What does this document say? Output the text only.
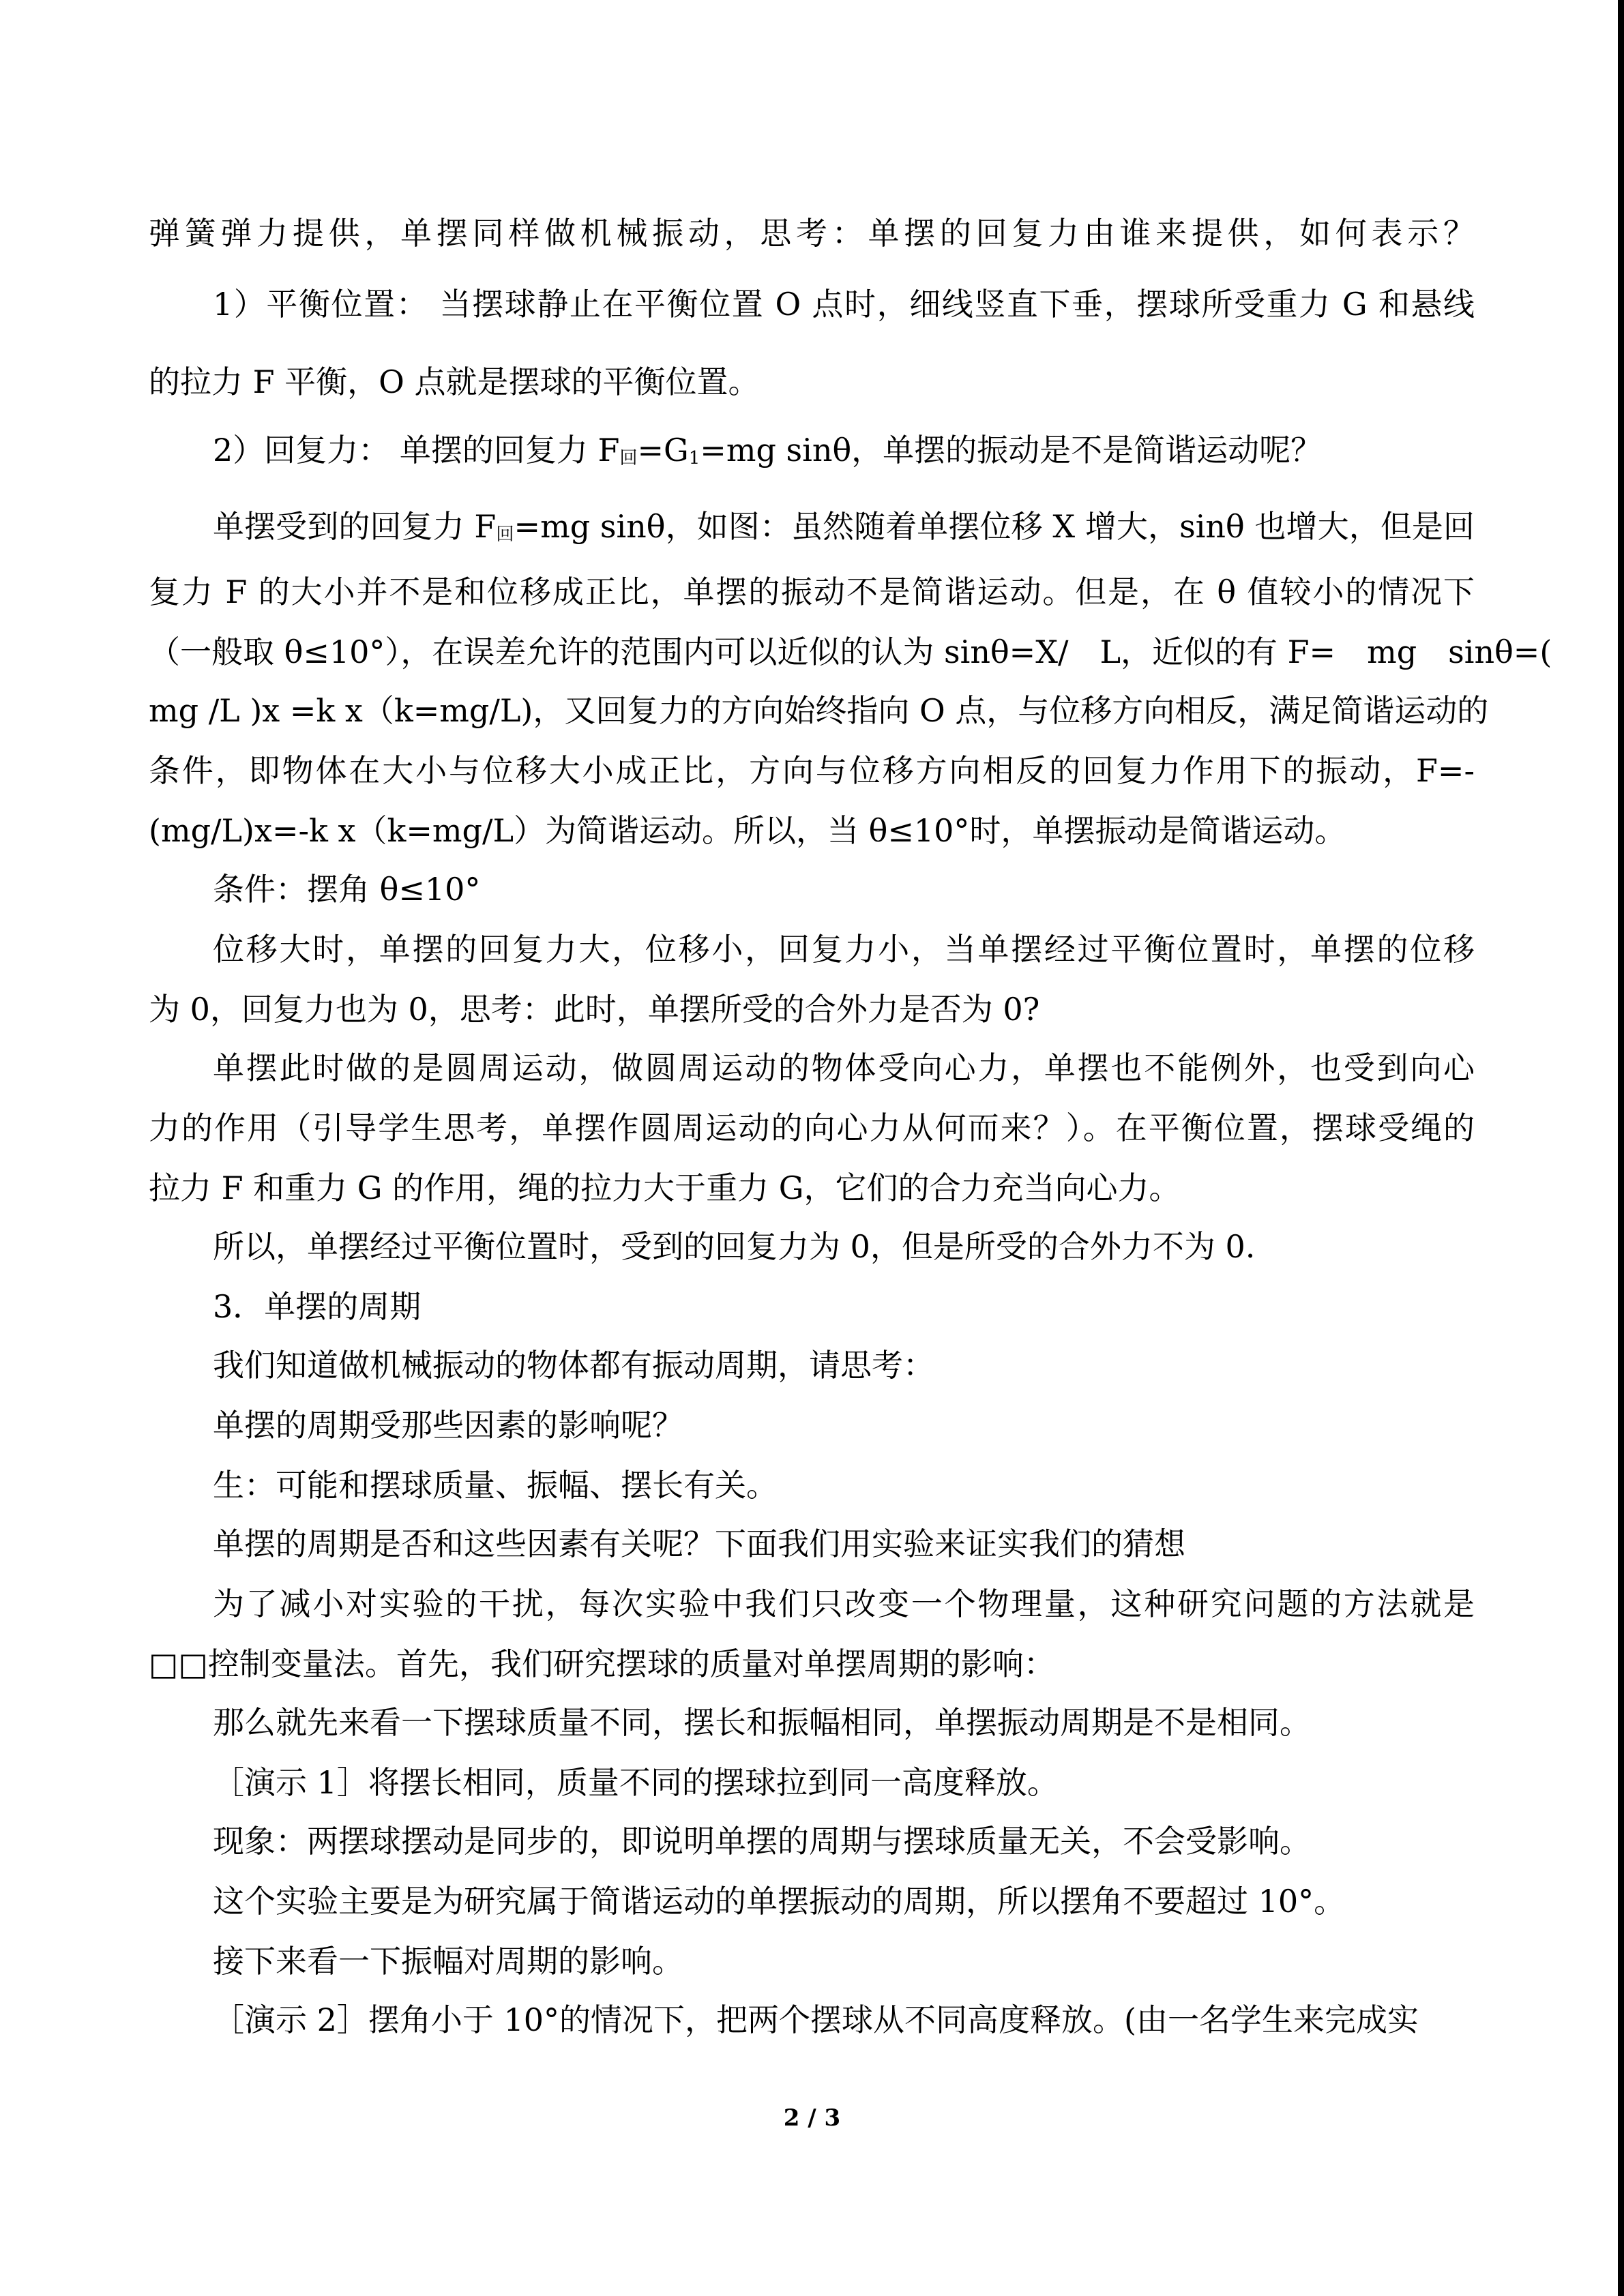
弹簧弹力提供，单摆同样做机械振动，思考：单摆的回复力由谁来提供，如何表示？
1）平衡位置： 当摆球静止在平衡位置 O 点时，细线竖直下垂，摆球所受重力 G 和悬线
的拉力 F 平衡，O 点就是摆球的平衡位置。
2）回复力： 单摆的回复力 F回=G1=mg sinθ，单摆的振动是不是简谐运动呢？
单摆受到的回复力 F回=mg sinθ，如图：虽然随着单摆位移 X 增大，sinθ 也增大，但是回
复力 F 的大小并不是和位移成正比，单摆的振动不是简谐运动。但是，在 θ 值较小的情况下
（一般取 θ≤10°），在误差允许的范围内可以近似的认为 sinθ=X/　L，近似的有 F=　mg　sinθ=(
mg /L )x =k x（k=mg/L)，又回复力的方向始终指向 O 点，与位移方向相反，满足简谐运动的
条件，即物体在大小与位移大小成正比，方向与位移方向相反的回复力作用下的振动，F=-
(mg/L)x=-k x（k=mg/L）为简谐运动。所以，当 θ≤10°时，单摆振动是简谐运动。
条件：摆角 θ≤10°
位移大时，单摆的回复力大，位移小，回复力小，当单摆经过平衡位置时，单摆的位移
为 0，回复力也为 0，思考：此时，单摆所受的合外力是否为 0?
单摆此时做的是圆周运动，做圆周运动的物体受向心力，单摆也不能例外，也受到向心
力的作用（引导学生思考，单摆作圆周运动的向心力从何而来？）。在平衡位置，摆球受绳的
拉力 F 和重力 G 的作用，绳的拉力大于重力 G，它们的合力充当向心力。
所以，单摆经过平衡位置时，受到的回复力为 0，但是所受的合外力不为 0.
3．单摆的周期
我们知道做机械振动的物体都有振动周期，请思考：
单摆的周期受那些因素的影响呢？
生：可能和摆球质量、振幅、摆长有关。
单摆的周期是否和这些因素有关呢？下面我们用实验来证实我们的猜想
为了减小对实验的干扰，每次实验中我们只改变一个物理量，这种研究问题的方法就是
□□控制变量法。首先，我们研究摆球的质量对单摆周期的影响：
那么就先来看一下摆球质量不同，摆长和振幅相同，单摆振动周期是不是相同。
［演示 1］将摆长相同，质量不同的摆球拉到同一高度释放。
现象：两摆球摆动是同步的，即说明单摆的周期与摆球质量无关，不会受影响。
这个实验主要是为研究属于简谐运动的单摆振动的周期，所以摆角不要超过 10°。
接下来看一下振幅对周期的影响。
［演示 2］摆角小于 10°的情况下，把两个摆球从不同高度释放。(由一名学生来完成实
2 / 3
